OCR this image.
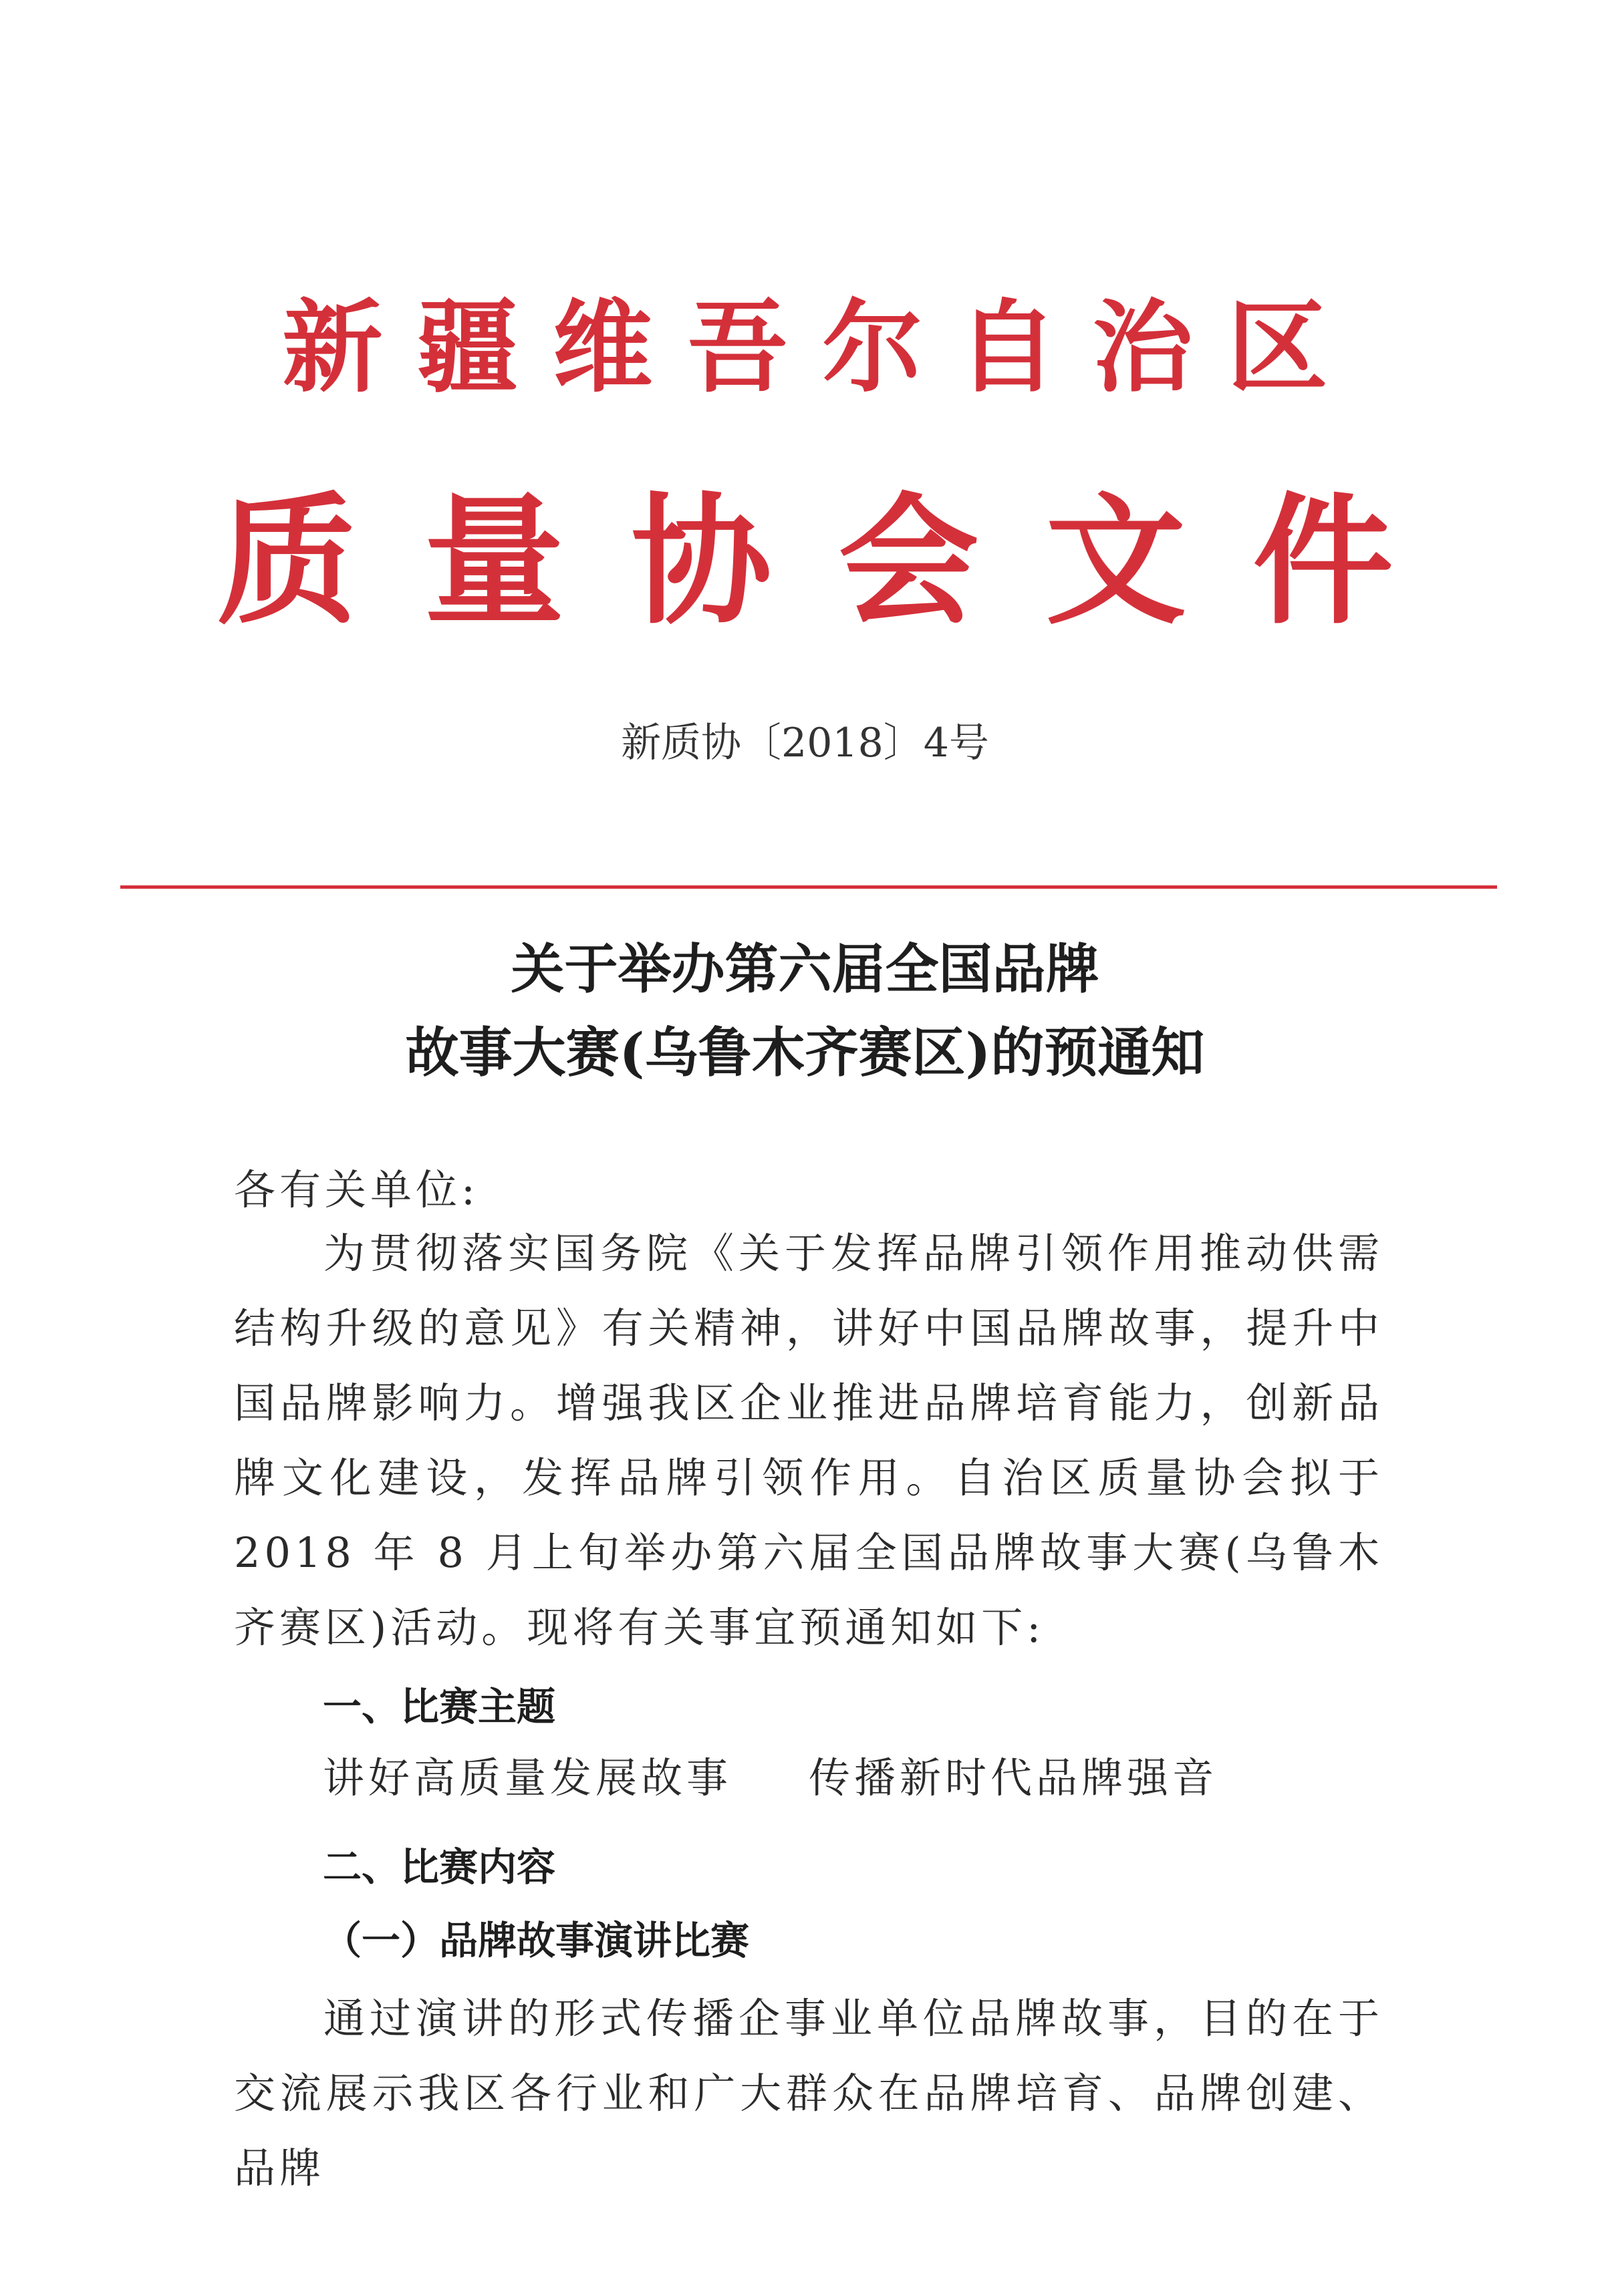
新疆维吾尔自治区
质量协会文件
新质协〔2018〕4号
关于举办第六届全国品牌
故事大赛(乌鲁木齐赛区)的预通知
各有关单位:
为贯彻落实国务院《关于发挥品牌引领作用推动供需结构升级的意见》有关精神，讲好中国品牌故事，提升中国品牌影响力。增强我区企业推进品牌培育能力，创新品牌文化建设，发挥品牌引领作用。自治区质量协会拟于 2018 年 8 月上旬举办第六届全国品牌故事大赛(乌鲁木齐赛区)活动。现将有关事宜预通知如下:
一、比赛主题
讲好高质量发展故事 传播新时代品牌强音
二、比赛内容
（一）品牌故事演讲比赛
通过演讲的形式传播企事业单位品牌故事，目的在于交流展示我区各行业和广大群众在品牌培育、品牌创建、品牌
